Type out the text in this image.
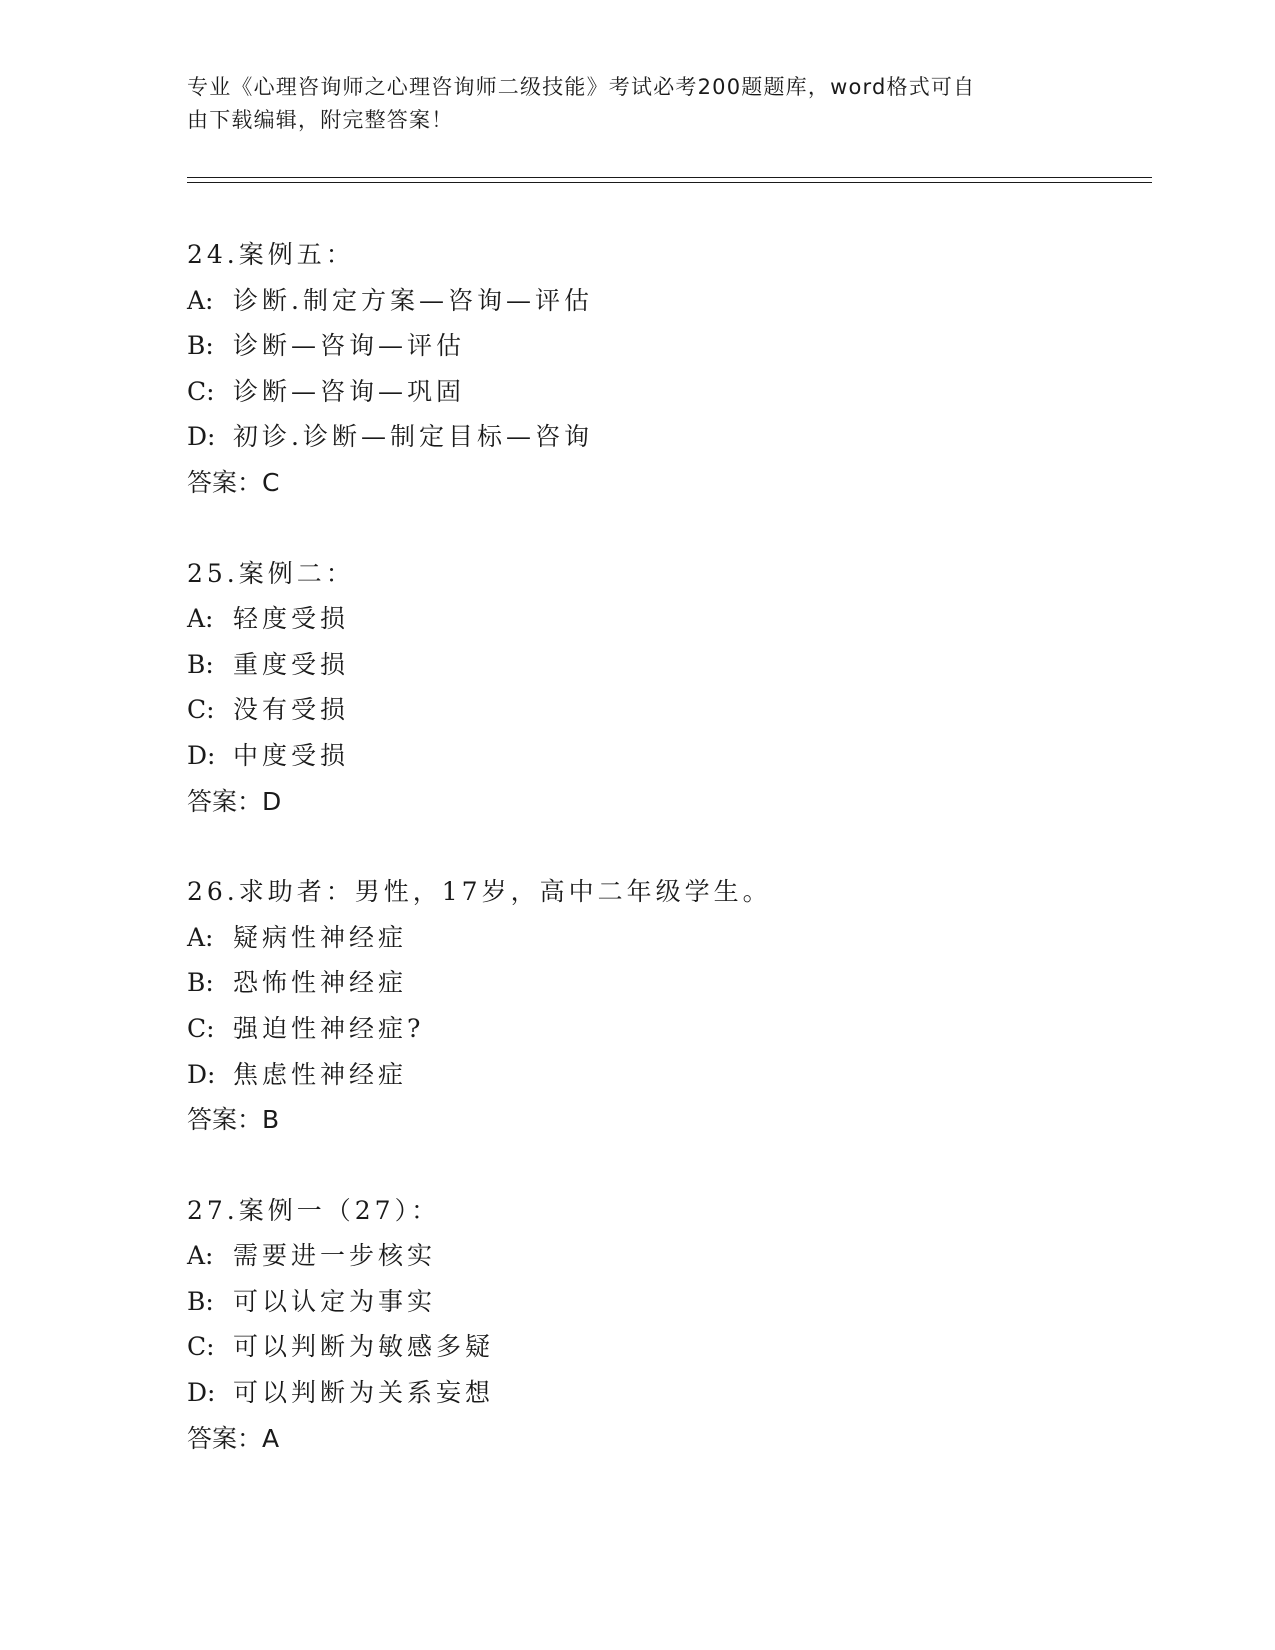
专业《心理咨询师之心理咨询师二级技能》考试必考200题题库，word格式可自
由下载编辑，附完整答案！
24.案例五：
A: 诊断.制定方案—咨询—评估
B: 诊断—咨询—评估
C: 诊断—咨询—巩固
D: 初诊.诊断—制定目标—咨询
答案：C
25.案例二：
A: 轻度受损
B: 重度受损
C: 没有受损
D: 中度受损
答案：D
26.求助者：男性，17岁，高中二年级学生。
A: 疑病性神经症
B: 恐怖性神经症
C: 强迫性神经症?
D: 焦虑性神经症
答案：B
27.案例一（27）：
A: 需要进一步核实
B: 可以认定为事实
C: 可以判断为敏感多疑
D: 可以判断为关系妄想
答案：A
